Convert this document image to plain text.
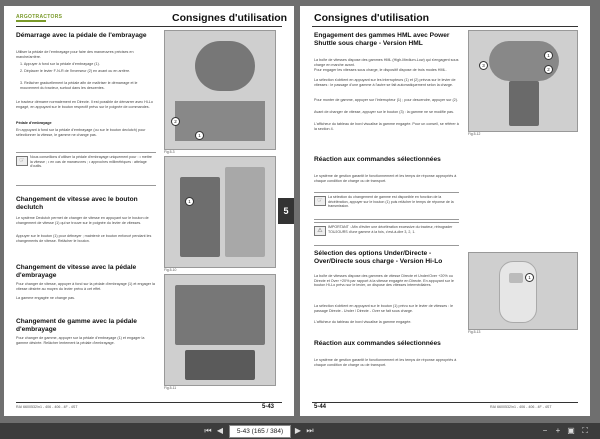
ARGOTRACTORS	Consignes d'utilisation
Démarrage avec la pédale de l'embrayage

Utiliser la pédale de l'embrayage pour faire des manœuvres précises en marche/arrière.

1. Appuyer à fond sur la pédale d'embrayage (1).

2. Déplacer le levier F-N-R de l'inverseur (2) en avant ou en arrière.

3. Relâcher graduellement la pédale afin de maîtriser le démarrage et le mouvement du tracteur, surtout dans les descentes.

Le tracteur démarre normalement en Directe. Il est possible de démarrer avec Hi-Lo engagé, en appuyant sur le bouton respectif prévu sur le poignée de commandes.

Pédale d'embrayage

En appuyant à fond sur la pédale d'embrayage (ou sur le bouton declutch) pour sélectionner la vitesse, le gamme ne change pas.

☞

Nous conseillons d'utiliser la pédale d'embrayage uniquement pour : • mettre la vitesse ; • en cas de manœuvres ; • approches millimétriques : attelage d'outils.

Changement de vitesse avec le bouton declutch

Le système Declutch permet de changer de vitesse en appuyant sur le bouton de changement de vitesse (1) qui se trouve sur le poignée du levier de vitesses.

Appuyer sur le bouton (1) pour débrayer ; maintenir ce bouton enfoncé pendant les changements de vitesse. Relâcher le bouton.

Changement de vitesse avec la pédale d'embrayage

Pour changer de vitesse, appuyer à fond sur la pédale d'embrayage (1) et engager la vitesse désirée au moyen du levier prévu à cet effet.

La gamme engagée ne change pas.

Changement de gamme avec la pédale d'embrayage

Pour changer de gamme, appuyer sur la pédale d'embrayage (1) et engager la gamme désirée. Relâcher lentement la pédale d'embrayage.

2
1
Fig.5-3
1
Fig.5-10
Fig.5-11
5
RAI 6600532/n1 - 406 - 406 - 4F - 4ST	5-43
Consignes d'utilisation
Engagement des gammes HML avec Power Shuttle sous charge - Version HML

La boîte de vitesses dispose des gammes HML (High-Medium-Low) qui s'engagent sous charge en marche avant.

Pour engager les vitesses sous charge, le dispositif dispose de trois modes HML.

La sélection s'obtient en appuyant sur les interrupteurs (1) et (2) prévus sur le levier de vitesses : le passage d'une gamme à l'autre se fait automatiquement selon la charge.

Pour monter de gamme, appuyer sur l'interrupteur (1) ; pour descendre, appuyer sur (2).

Avant de changer de vitesse, appuyer sur le bouton (3) : la gamme ne se modifie pas.

L'afficheur du tableau de bord visualise la gamme engagée. Pour un conseil, se référer à la section 4.

Réaction aux commandes sélectionnées

Le système de gestion garantit le fonctionnement et les temps de réponse appropriés à chaque condition de charge ou de transport.

☞

La sélection du changement de gamme est disponible en fonction de la décélération, appuyer sur le bouton (1) puis relâcher le temps de réponse de la transmission.

⚠

IMPORTANT : Afin d'éviter une décélération excessive du tracteur, rétrograder TOUJOURS d'une gamme à la fois, c'est-à-dire 3, 2, 1.

Sélection des options Under/Directe - Over/Directe sous charge - Version Hi-Lo

La boîte de vitesses dispose des gammes de vitesse Directe et Under/Over +20% ou Directe et Over +20% par rapport à la vitesse engagée en Directe. En appuyant sur le bouton Hi-Lo prévu sur le levier, on dispose des vitesses intermédiaires.

La sélection s'obtient en appuyant sur le bouton (1) prévu sur le levier de vitesses : le passage Directe - Under / Directe - Over se fait sous charge.

L'afficheur du tableau de bord visualise la gamme engagée.

Réaction aux commandes sélectionnées

Le système de gestion garantit le fonctionnement et les temps de réponse appropriés à chaque condition de charge ou de transport.

1
2
3
Fig.5-12
1
Fig.5-13
5-44	RAI 6600532/n1 - 406 - 406 - 4F - 4ST
⏮ ◀	5-43 (165 / 384)	▶ ⏭	−	+ ▣ ⛶
